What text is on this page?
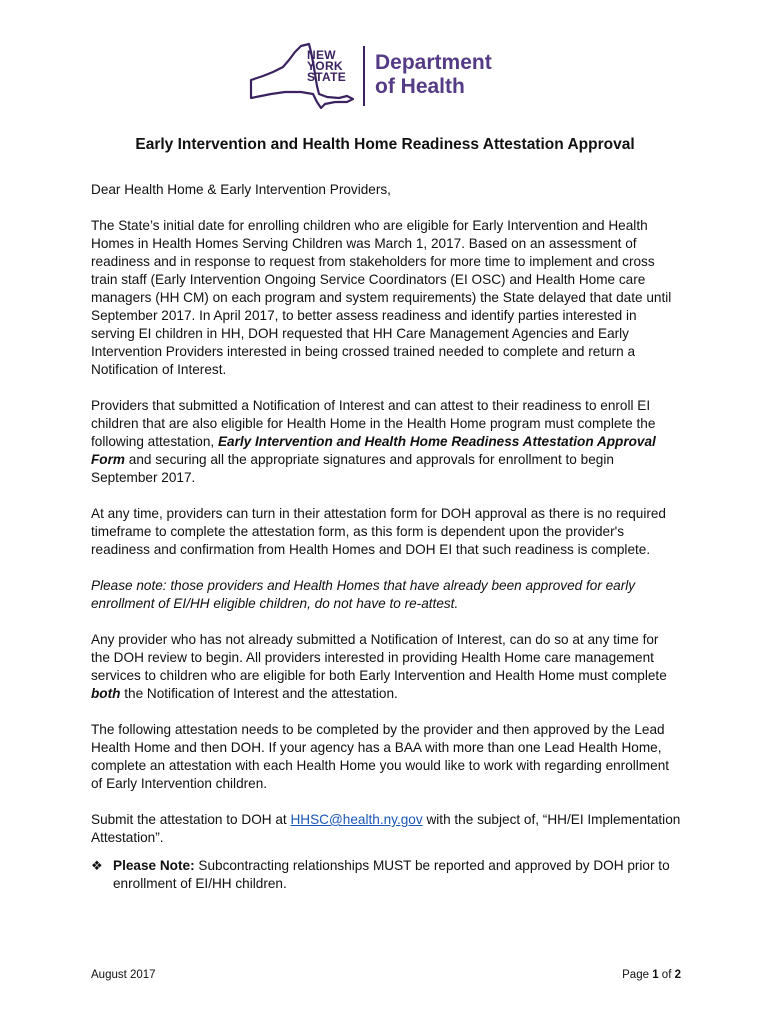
NEW
YORK
STATE
Department
of Health
Early Intervention and Health Home Readiness Attestation Approval

Dear Health Home & Early Intervention Providers,

The State’s initial date for enrolling children who are eligible for Early Intervention and Health Homes in Health Homes Serving Children was March 1, 2017. Based on an assessment of readiness and in response to request from stakeholders for more time to implement and cross train staff (Early Intervention Ongoing Service Coordinators (EI OSC) and Health Home care managers (HH CM) on each program and system requirements) the State delayed that date until September 2017. In April 2017, to better assess readiness and identify parties interested in serving EI children in HH, DOH requested that HH Care Management Agencies and Early Intervention Providers interested in being crossed trained needed to complete and return a Notification of Interest.

Providers that submitted a Notification of Interest and can attest to their readiness to enroll EI children that are also eligible for Health Home in the Health Home program must complete the following attestation, Early Intervention and Health Home Readiness Attestation Approval Form and securing all the appropriate signatures and approvals for enrollment to begin September 2017.

At any time, providers can turn in their attestation form for DOH approval as there is no required timeframe to complete the attestation form, as this form is dependent upon the provider's readiness and confirmation from Health Homes and DOH EI that such readiness is complete.

Please note: those providers and Health Homes that have already been approved for early enrollment of EI/HH eligible children, do not have to re-attest.

Any provider who has not already submitted a Notification of Interest, can do so at any time for the DOH review to begin. All providers interested in providing Health Home care management services to children who are eligible for both Early Intervention and Health Home must complete both the Notification of Interest and the attestation.

The following attestation needs to be completed by the provider and then approved by the Lead Health Home and then DOH. If your agency has a BAA with more than one Lead Health Home, complete an attestation with each Health Home you would like to work with regarding enrollment of Early Intervention children.

Submit the attestation to DOH at HHSC@health.ny.gov with the subject of, “HH/EI Implementation Attestation”.

❖ Please Note: Subcontracting relationships MUST be reported and approved by DOH prior to enrollment of EI/HH children.
August 2017	Page 1 of 2
